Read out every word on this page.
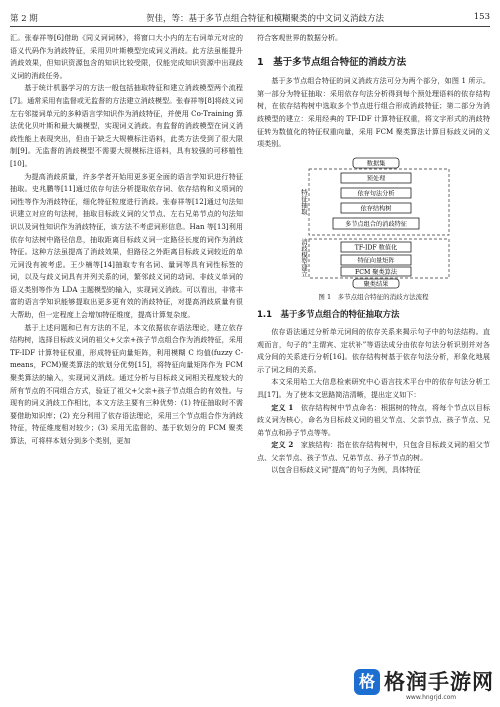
第 2 期	贺佳，等：基于多节点组合特征和模糊聚类的中文词义消歧方法	153

汇。张春祥等[6]借助《同义词词林》，将窗口大小内的左右词单元对应的语义代码作为消歧特征，采用贝叶斯模型完成词义消歧。此方法虽能提升消歧效果，但知识资源包含的知识比较受限，仅能完成知识资源中出现歧义词的消歧任务。

基于统计机器学习的方法一般包括抽取特征和建立消歧模型两个流程[7]。通常采用有监督或无监督的方法建立消歧模型。张春祥等[8]将歧义词左右邻接词单元的多种语言学知识作为消歧特征，并使用 Co-Training 算法优化贝叶斯和最大熵模型，实现词义消歧。有监督的消歧模型在词义消歧性能上表现突出，但由于缺乏大规模标注语料，此类方法受到了很大限制[9]。无监督的消歧模型不需要大规模标注语料，具有较强的可移植性[10]。

为提高消歧质量，许多学者开始用更多更全面的语言学知识进行特征抽取。史兆鹏等[11]通过依存句法分析提取依存词、依存结构和义项词的词性等作为消歧特征，细化特征粒度进行消歧。张春祥等[12]通过句法知识建立对应的句法树，抽取目标歧义词的父节点、左右兄弟节点的句法知识以及词性知识作为消歧特征，该方法不考虑词形信息。Han 等[13]利用依存句法树中路径信息，抽取距离目标歧义词一定路径长度的词作为消歧特征。这种方法虽提高了消歧效果，但路径之外距离目标歧义词较近的单元词没有被考虑。王少楠等[14]抽取专有名词、量词等具有词性标签的词，以及与歧义词具有并列关系的词，繁邻歧义词的动词、非歧义单词的语义类别等作为 LDA 主题模型的输入，实现词义消歧。可以看出，非常丰富的语言学知识能够提取出更多更有效的消歧特征，对提高消歧质量有很大帮助，但一定程度上会增加特征维度，提高计算复杂度。

基于上述问题和已有方法的不足，本文依据依存语法理论，建立依存结构树，选择目标歧义词的祖父+父亲+孩子节点组合作为消歧特征，采用 TF-IDF 计算特征权重，形成特征向量矩阵，利用模糊 C 均值(fuzzy C-means，FCM)聚类算法的软划分优势[15]，将特征向量矩阵作为 FCM 聚类算法的输入，实现词义消歧。通过分析与目标歧义词相关程度较大的所有节点的不同组合方式，验证了祖父+父亲+孩子节点组合的有效性。与现有的词义消歧工作相比，本文方法主要有三种优势：(1) 特征抽取时不需要借助知识库；(2) 充分利用了依存语法理论，采用三个节点组合作为消歧特征，特征维度相对较少；(3) 采用无监督的、基于软划分的 FCM 聚类算法，可将样本划分到多个类别，更加

符合客观世界的数据分析。

1　基于多节点组合特征的消歧方法

基于多节点组合特征的词义消歧方法可分为两个部分，如图 1 所示。第一部分为特征抽取：采用依存句法分析得到每个预处理语料的依存结构树，在依存结构树中选取多个节点进行组合形成消歧特征；第二部分为消歧模型的建立：采用经典的 TF-IDF 计算特征权重，将文字形式的消歧特征转为数值化的特征权重向量，采用 FCM 聚类算法计算目标歧义词的义项类别。

特征抽取
消歧模型建立
数据集
预处理
依存句法分析
依存结构树
多节点组合的消歧特征
TF-IDF 数值化
特征向量矩阵
FCM 聚类算法
聚类结果
图 1　多节点组合特征的消歧方法流程
1.1　基于多节点组合的特征抽取方法

依存语法通过分析单元词间的依存关系来揭示句子中的句法结构。直观而言，句子的“主谓宾、定状补”等语法成分由依存句法分析识别并对各成分间的关系进行分析[16]。依存结构树基于依存句法分析，形象化地展示了词之间的关系。

本文采用哈工大信息检索研究中心语言技术平台中的依存句法分析工具[17]。为了使本文思路简洁清晰，提出定义如下：

定义 1　 依存结构树中节点命名：根据树的特点，将每个节点以目标歧义词为核心，命名为目标歧义词的祖父节点、父亲节点、孩子节点、兄弟节点和孙子节点等等。

定义 2　 家族结构：指在依存结构树中，只包含目标歧义词的祖父节点、父亲节点、孩子节点、兄弟节点、孙子节点的树。

以包含目标歧义词“提高”的句子为例，具体特征

格 格润手游网
www.hngrjd.com
